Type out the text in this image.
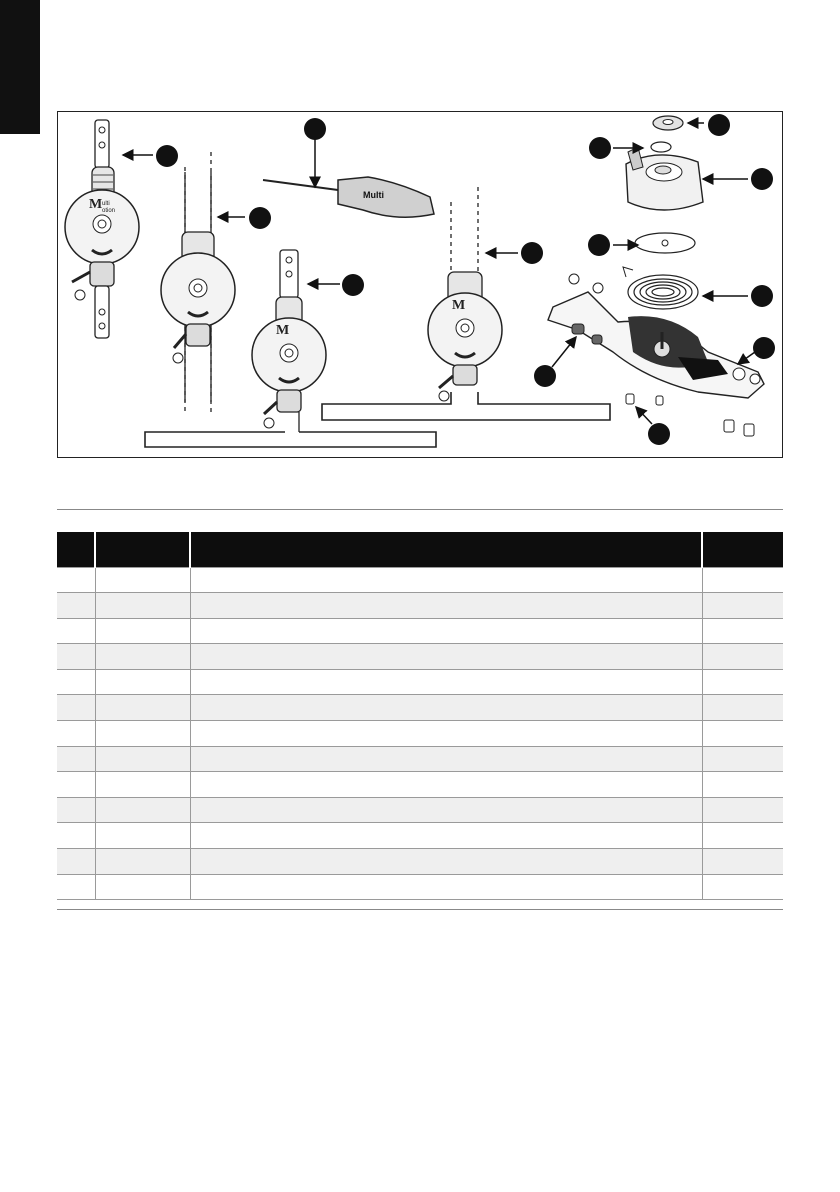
M ulti
otion
Multi
M
M
